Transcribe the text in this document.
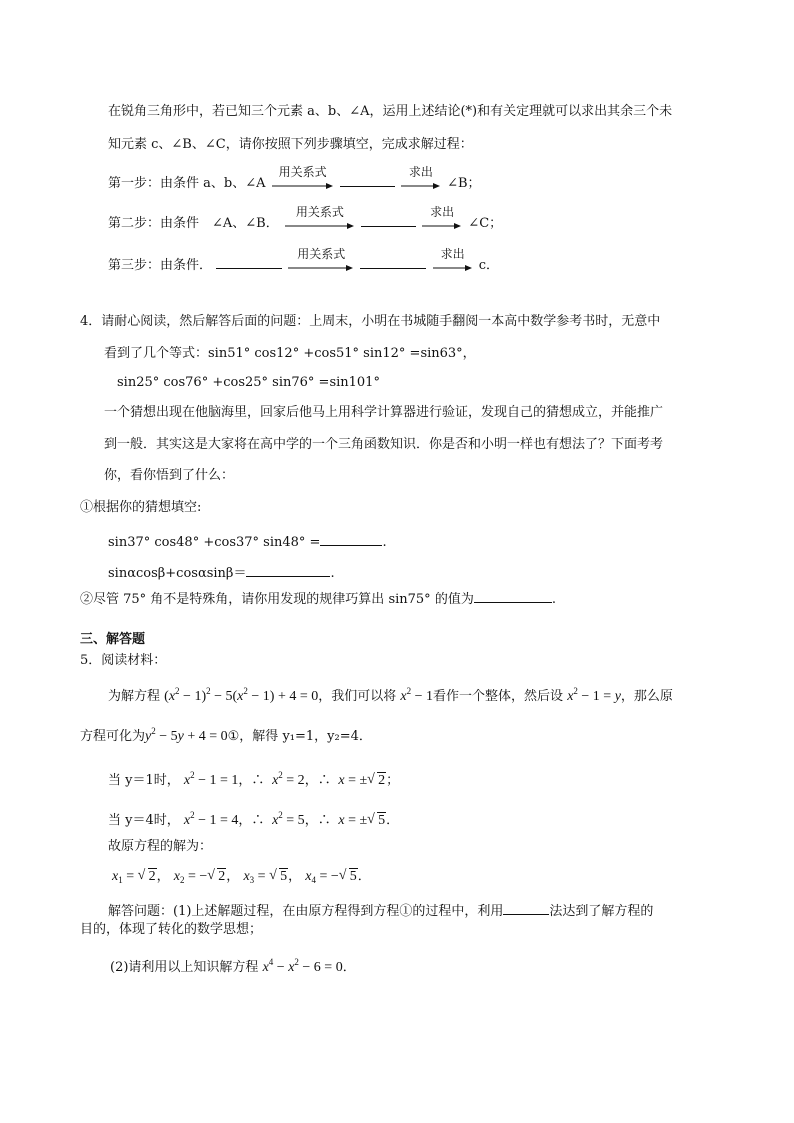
在锐角三角形中，若已知三个元素 a、b、∠A，运用上述结论(*)和有关定理就可以求出其余三个未
知元素 c、∠B、∠C，请你按照下列步骤填空，完成求解过程：
第一步：由条件 a、b、∠A
用关系式
	求出
∠B；
第二步：由条件　∠A、∠B．
用关系式
	求出
∠C；
第三步：由条件．
用关系式
	求出
c．
4．请耐心阅读，然后解答后面的问题：上周末，小明在书城随手翻阅一本高中数学参考书时，无意中
看到了几个等式：sin51° cos12° +cos51° sin12° =sin63°，
sin25° cos76° +cos25° sin76° =sin101°
一个猜想出现在他脑海里，回家后他马上用科学计算器进行验证，发现自己的猜想成立，并能推广
到一般．其实这是大家将在高中学的一个三角函数知识．你是否和小明一样也有想法了？下面考考
你，看你悟到了什么：
①根据你的猜想填空:
sin37° cos48° +cos37° sin48° =	.
sinαcosβ+cosαsinβ＝	.
②尽管 75° 角不是特殊角，请你用发现的规律巧算出 sin75° 的值为	.
三、解答题
5．阅读材料：
为解方程 $(x^2 - 1)^2 - 5(x^2 - 1) + 4 = 0$，我们可以将 $x^2 - 1$看作一个整体，然后设 $x^2 - 1 = y$，那么原
方程可化为$y^2 - 5y + 4$ = 0①，解得 y₁=1，y₂=4．
当 y＝1时， $x^2 - 1 = 1$，∴ $x^2 = 2$，∴ x = ± √ 2；
当 y＝4时， $x^2 - 1 = 4$，∴ $x^2 = 5$，∴ x = ± √ 5．
故原方程的解为：
$x_1$ = √ 2， $x_2$ = − √ 2， $x_3$ = √ 5， $x_4$ = − √ 5．
解答问题：(1)上述解题过程，在由原方程得到方程①的过程中，利用	法达到了解方程的
目的，体现了转化的数学思想；
(2)请利用以上知识解方程 $x^4 - x^2 - 6 = 0$．
